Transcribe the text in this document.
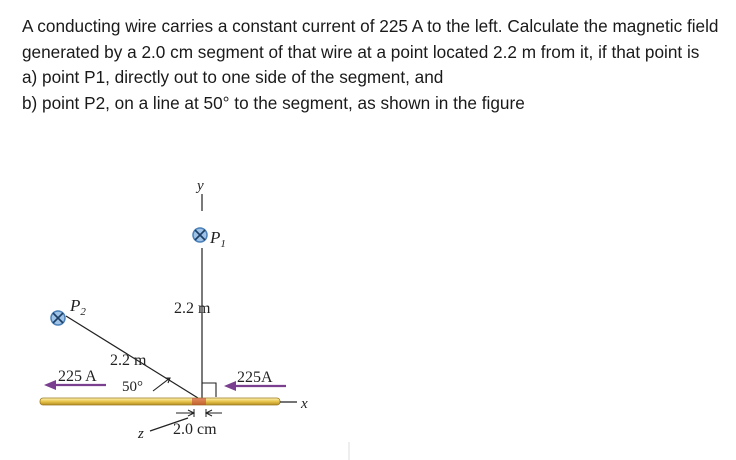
A conducting wire carries a constant current of 225 A to the left. Calculate the magnetic field generated by a 2.0 cm segment of that wire at a point located 2.2 m from it, if that point is

a) point P1, directly out to one side of the segment, and

b) point P2, on a line at 50° to the segment, as shown in the figure

y
$P_1$
2.2 m
$P_2$
2.2 m
50°
z
x
225 A	225A
2.0 cm
